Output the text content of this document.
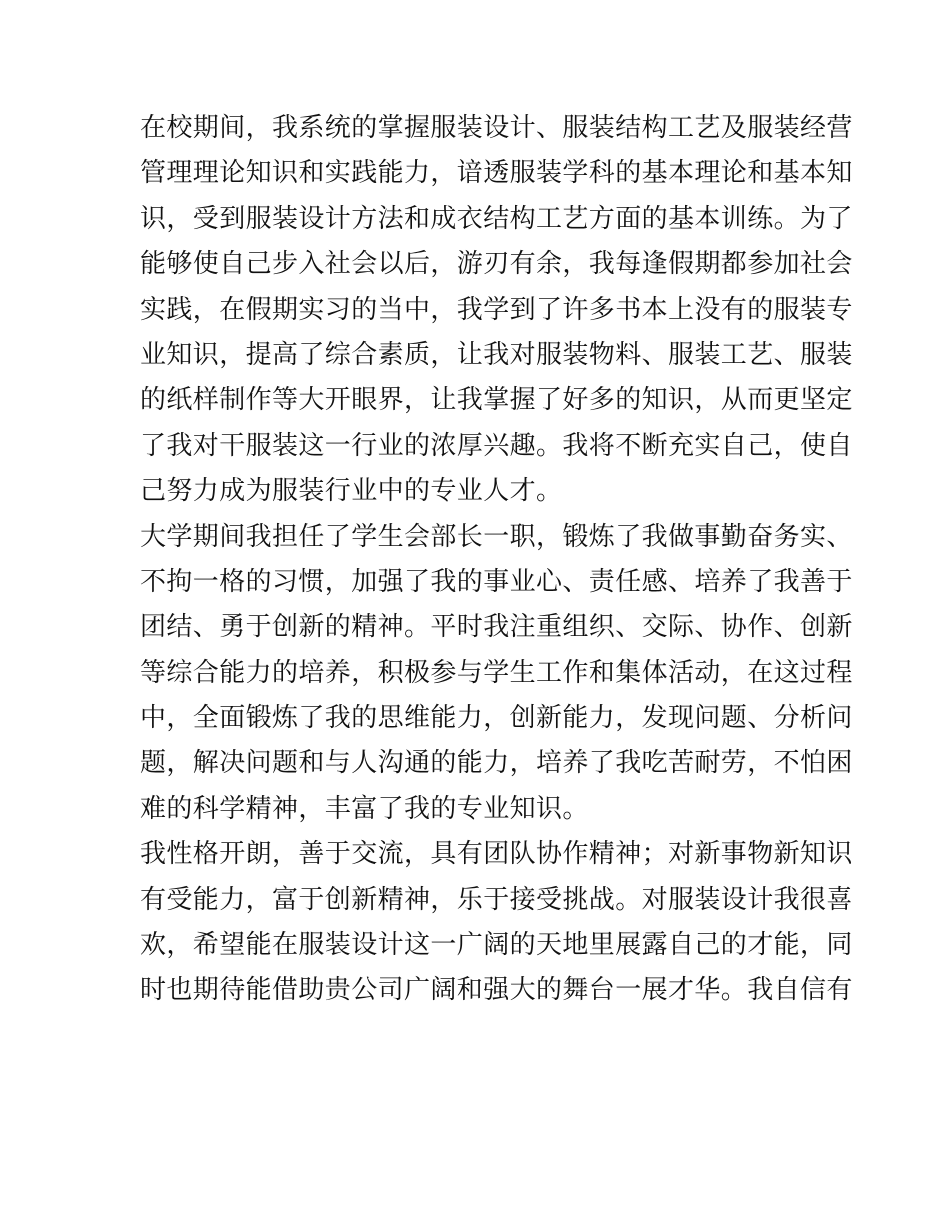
在校期间，我系统的掌握服装设计、服装结构工艺及服装经营
管理理论知识和实践能力，谙透服装学科的基本理论和基本知
识，受到服装设计方法和成衣结构工艺方面的基本训练。为了
能够使自己步入社会以后，游刃有余，我每逢假期都参加社会
实践，在假期实习的当中，我学到了许多书本上没有的服装专
业知识，提高了综合素质，让我对服装物料、服装工艺、服装
的纸样制作等大开眼界，让我掌握了好多的知识，从而更坚定
了我对干服装这一行业的浓厚兴趣。我将不断充实自己，使自
己努力成为服装行业中的专业人才。
大学期间我担任了学生会部长一职，锻炼了我做事勤奋务实、
不拘一格的习惯，加强了我的事业心、责任感、培养了我善于
团结、勇于创新的精神。平时我注重组织、交际、协作、创新
等综合能力的培养，积极参与学生工作和集体活动，在这过程
中，全面锻炼了我的思维能力，创新能力，发现问题、分析问
题，解决问题和与人沟通的能力，培养了我吃苦耐劳，不怕困
难的科学精神，丰富了我的专业知识。
我性格开朗，善于交流，具有团队协作精神；对新事物新知识
有受能力，富于创新精神，乐于接受挑战。对服装设计我很喜
欢，希望能在服装设计这一广阔的天地里展露自己的才能，同
时也期待能借助贵公司广阔和强大的舞台一展才华。我自信有
